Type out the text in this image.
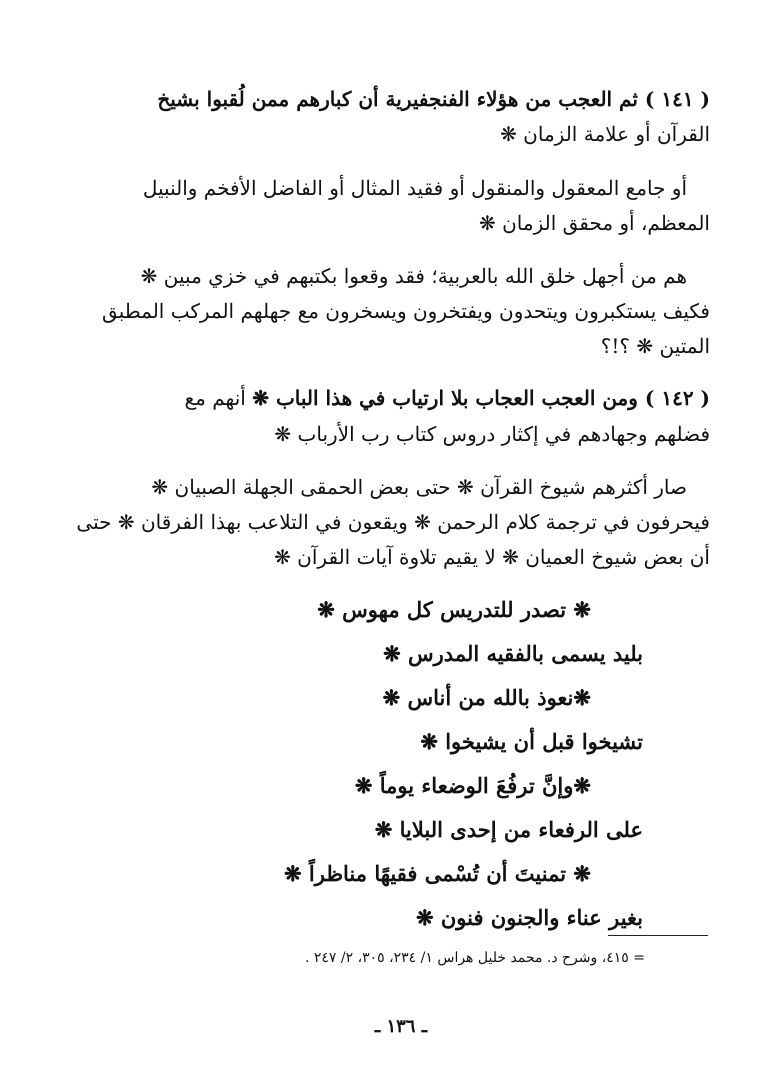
( ١٤١ ) ثم العجب من هؤلاء الفنجفيرية أن كبارهم ممن لُقبوا بشيخ
القرآن أو علامة الزمان ❋
أو جامع المعقول والمنقول أو فقيد المثال أو الفاضل الأفخم والنبيل
المعظم، أو محقق الزمان ❋
هم من أجهل خلق الله بالعربية؛ فقد وقعوا بكتبهم في خزي مبين ❋
فكيف يستكبرون ويتحدون ويفتخرون ويسخرون مع جهلهم المركب المطبق
المتين ❋ ؟!؟
( ١٤٢ ) ومن العجب العجاب بلا ارتياب في هذا الباب ❋ أنهم مع
فضلهم وجهادهم في إكثار دروس كتاب رب الأرباب ❋
صار أكثرهم شيوخ القرآن ❋ حتى بعض الحمقى الجهلة الصبيان ❋
فيحرفون في ترجمة كلام الرحمن ❋ ويقعون في التلاعب بهذا الفرقان ❋ حتى
أن بعض شيوخ العميان ❋ لا يقيم تلاوة آيات القرآن ❋
❋ تصدر للتدريس كل مهوس ❋
بليد يسمى بالفقيه المدرس ❋
❋نعوذ بالله من أناس ❋
تشيخوا قبل أن يشيخوا ❋
❋وإنَّ ترفُعَ الوضعاء يوماً ❋
على الرفعاء من إحدى البلايا ❋
❋ تمنيتَ أن تُسْمى فقيهًا مناظراً ❋
بغير عناء والجنون فنون ❋
= ٤١٥، وشرح د. محمد خليل هراس ١/ ٢٣٤، ٣٠٥، ٢/ ٢٤٧ .
ـ ١٣٦ ـ
